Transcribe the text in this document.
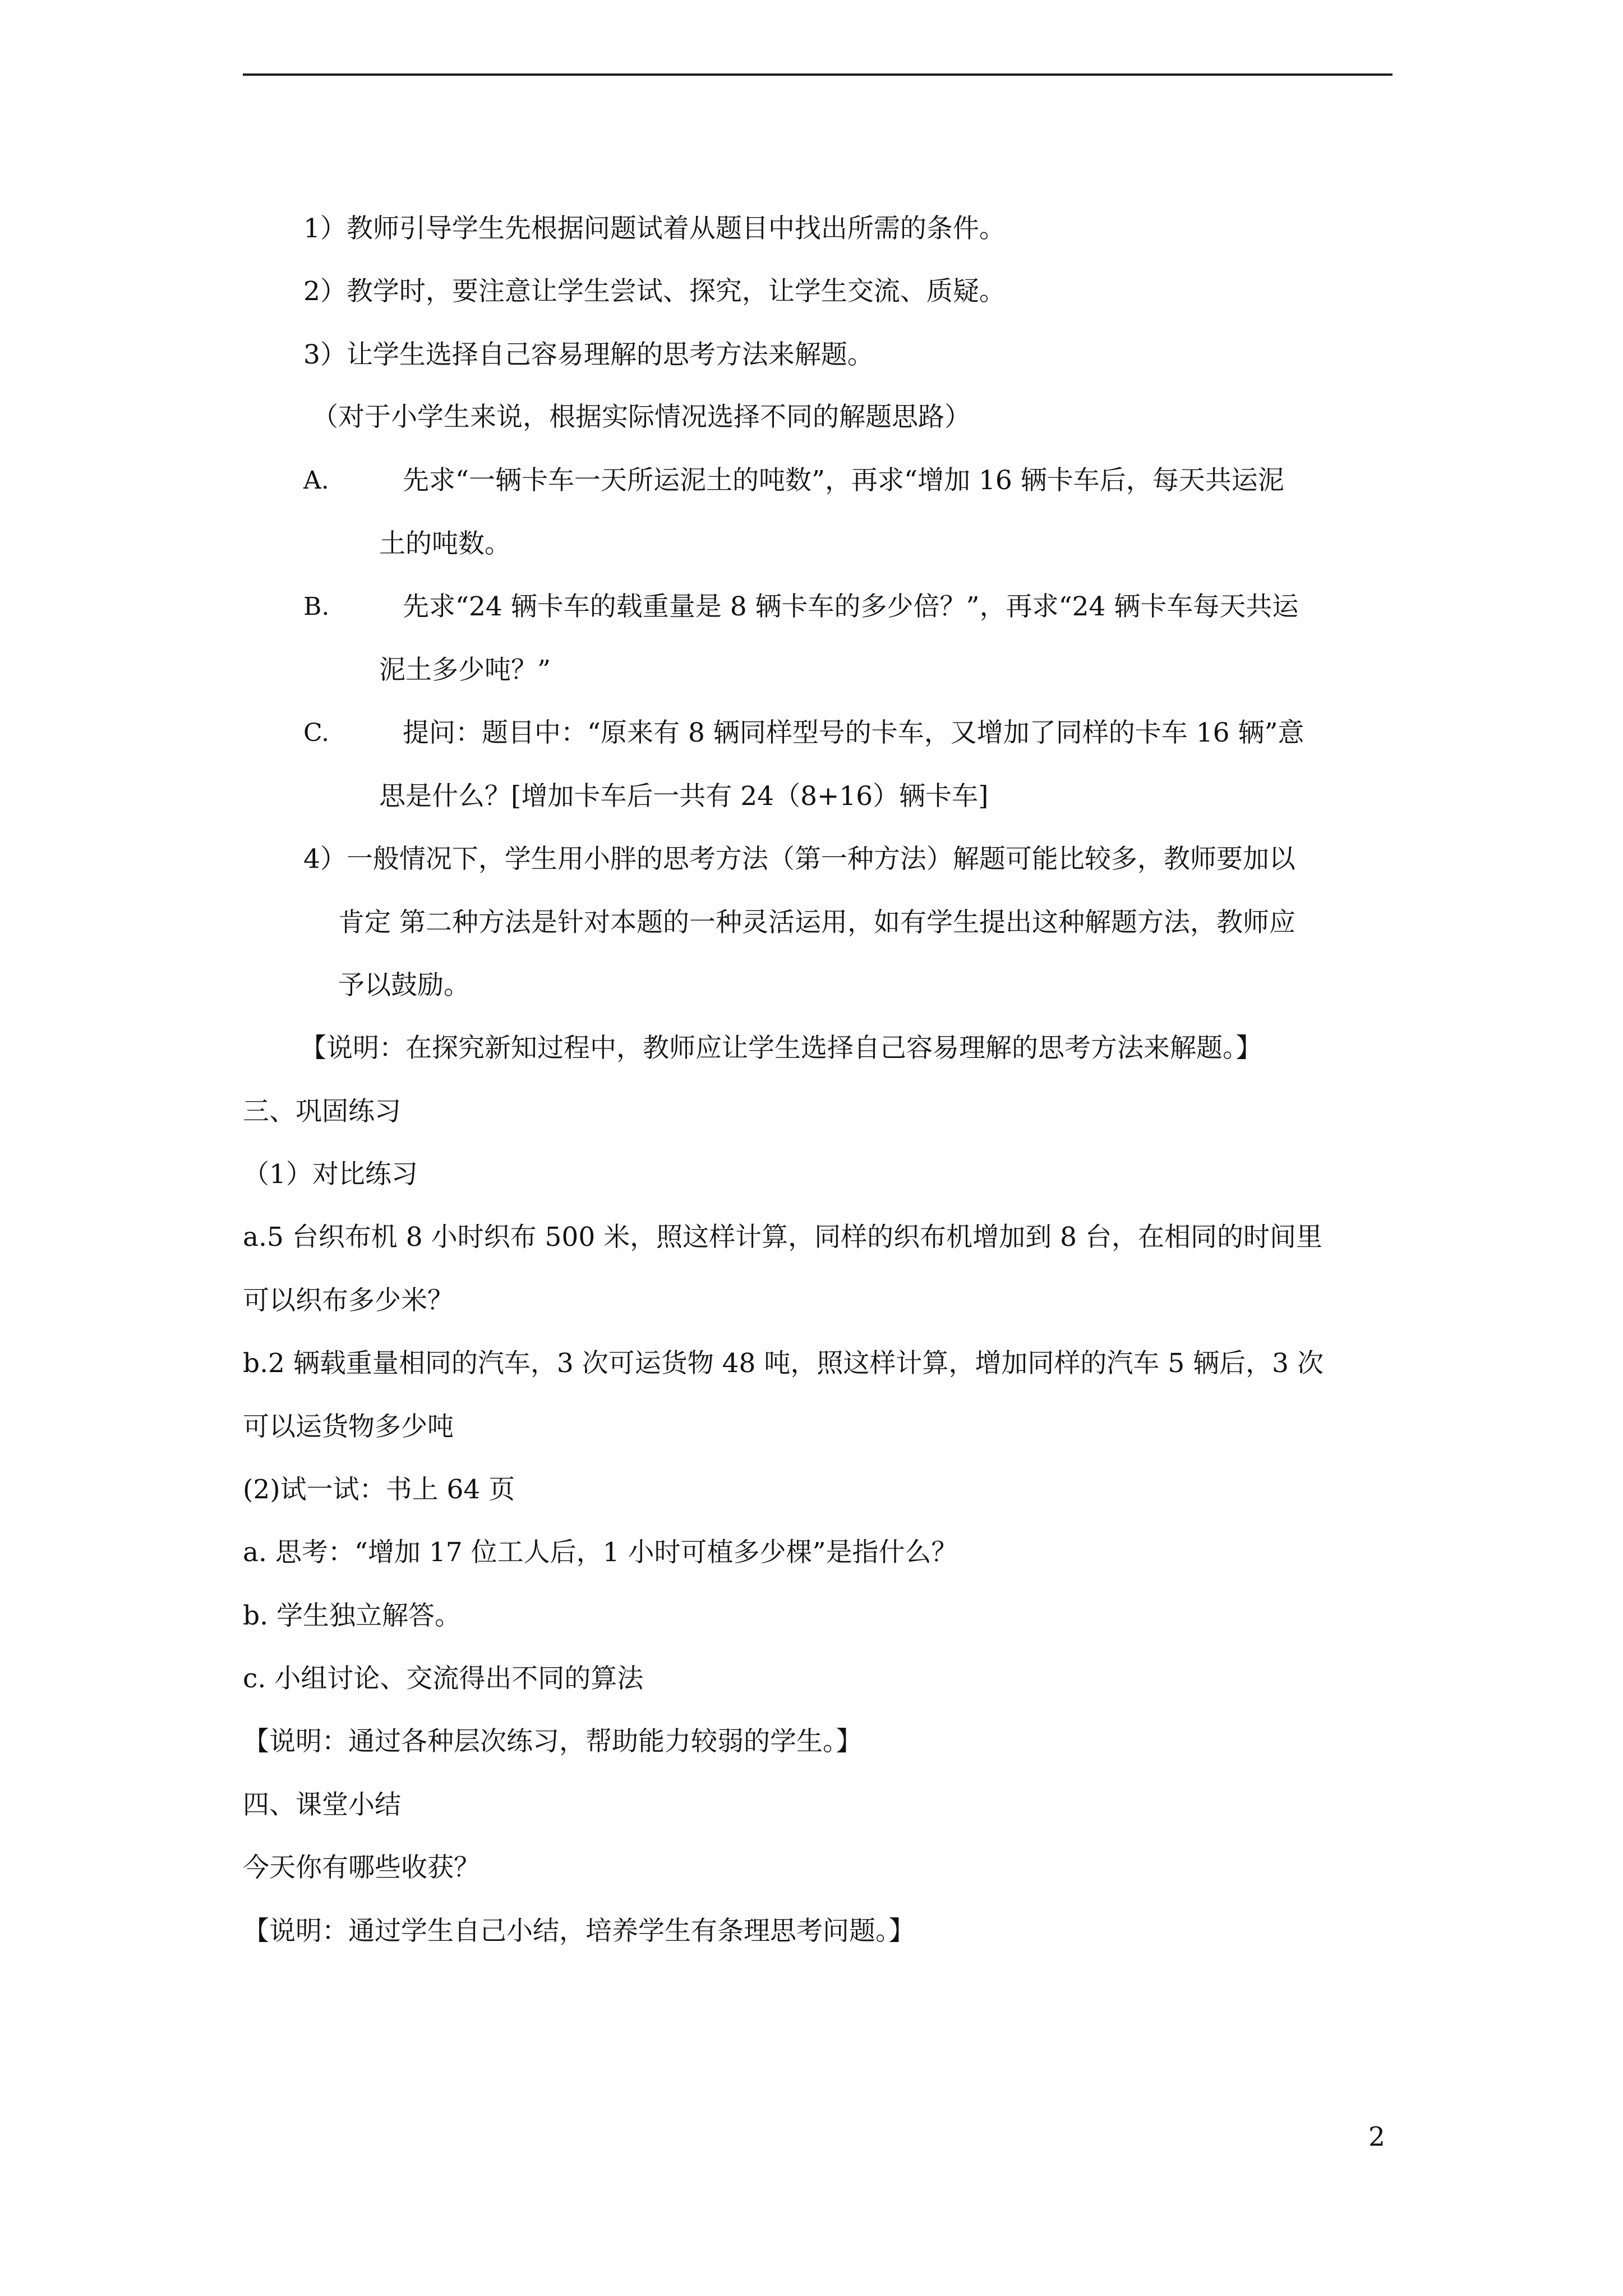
1）教师引导学生先根据问题试着从题目中找出所需的条件。
2）教学时，要注意让学生尝试、探究，让学生交流、质疑。
3）让学生选择自己容易理解的思考方法来解题。
（对于小学生来说，根据实际情况选择不同的解题思路）
A.	先求“一辆卡车一天所运泥土的吨数”，再求“增加 16 辆卡车后，每天共运泥
土的吨数。
B.	先求“24 辆卡车的载重量是 8 辆卡车的多少倍？”，再求“24 辆卡车每天共运
泥土多少吨？”
C.	提问：题目中：“原来有 8 辆同样型号的卡车，又增加了同样的卡车 16 辆”意
思是什么？[增加卡车后一共有 24（8+16）辆卡车]
4）一般情况下，学生用小胖的思考方法（第一种方法）解题可能比较多，教师要加以
肯定 第二种方法是针对本题的一种灵活运用，如有学生提出这种解题方法，教师应
予以鼓励。
【说明：在探究新知过程中，教师应让学生选择自己容易理解的思考方法来解题。】
三、巩固练习
（1）对比练习
a.5 台织布机 8 小时织布 500 米，照这样计算，同样的织布机增加到 8 台，在相同的时间里
可以织布多少米？
b.2 辆载重量相同的汽车，3 次可运货物 48 吨，照这样计算，增加同样的汽车 5 辆后，3 次
可以运货物多少吨
(2)试一试：书上 64 页
a. 思考：“增加 17 位工人后，1 小时可植多少棵”是指什么？
b. 学生独立解答。
c. 小组讨论、交流得出不同的算法
【说明：通过各种层次练习，帮助能力较弱的学生。】
四、课堂小结
今天你有哪些收获？
【说明：通过学生自己小结，培养学生有条理思考问题。】
2
